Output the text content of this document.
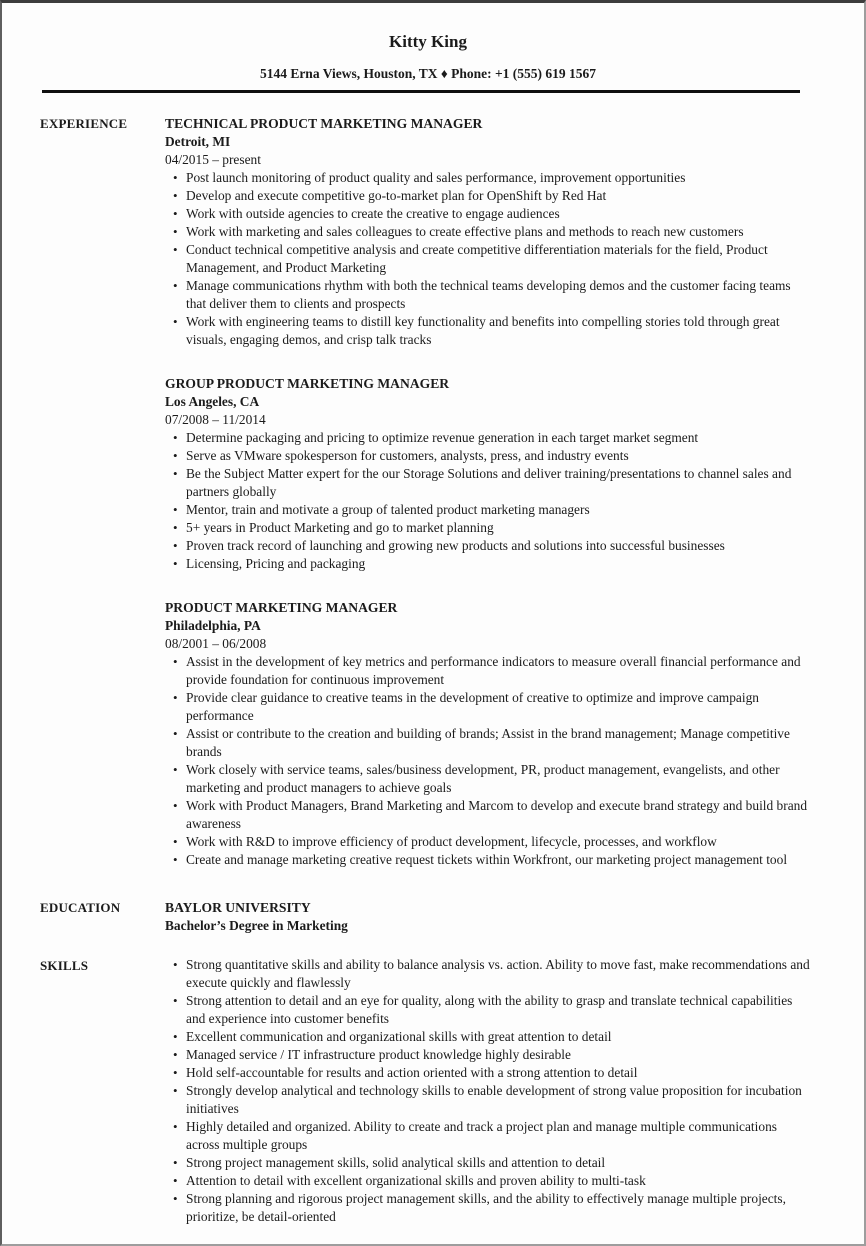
Kitty King
5144 Erna Views, Houston, TX ♦ Phone: +1 (555) 619 1567
EXPERIENCE	TECHNICAL PRODUCT MARKETING MANAGER
Detroit, MI
04/2015 – present
• Post launch monitoring of product quality and sales performance, improvement opportunities
• Develop and execute competitive go-to-market plan for OpenShift by Red Hat
• Work with outside agencies to create the creative to engage audiences
• Work with marketing and sales colleagues to create effective plans and methods to reach new customers
• Conduct technical competitive analysis and create competitive differentiation materials for the field, Product Management, and Product Marketing
• Manage communications rhythm with both the technical teams developing demos and the customer facing teams that deliver them to clients and prospects
• Work with engineering teams to distill key functionality and benefits into compelling stories told through great visuals, engaging demos, and crisp talk tracks
GROUP PRODUCT MARKETING MANAGER
Los Angeles, CA
07/2008 – 11/2014
• Determine packaging and pricing to optimize revenue generation in each target market segment
• Serve as VMware spokesperson for customers, analysts, press, and industry events
• Be the Subject Matter expert for the our Storage Solutions and deliver training/presentations to channel sales and partners globally
• Mentor, train and motivate a group of talented product marketing managers
• 5+ years in Product Marketing and go to market planning
• Proven track record of launching and growing new products and solutions into successful businesses
• Licensing, Pricing and packaging
PRODUCT MARKETING MANAGER
Philadelphia, PA
08/2001 – 06/2008
• Assist in the development of key metrics and performance indicators to measure overall financial performance and provide foundation for continuous improvement
• Provide clear guidance to creative teams in the development of creative to optimize and improve campaign performance
• Assist or contribute to the creation and building of brands; Assist in the brand management; Manage competitive brands
• Work closely with service teams, sales/business development, PR, product management, evangelists, and other marketing and product managers to achieve goals
• Work with Product Managers, Brand Marketing and Marcom to develop and execute brand strategy and build brand awareness
• Work with R&D to improve efficiency of product development, lifecycle, processes, and workflow
• Create and manage marketing creative request tickets within Workfront, our marketing project management tool
EDUCATION	BAYLOR UNIVERSITY
Bachelor’s Degree in Marketing
SKILLS	• Strong quantitative skills and ability to balance analysis vs. action. Ability to move fast, make recommendations and execute quickly and flawlessly
• Strong attention to detail and an eye for quality, along with the ability to grasp and translate technical capabilities and experience into customer benefits
• Excellent communication and organizational skills with great attention to detail
• Managed service / IT infrastructure product knowledge highly desirable
• Hold self-accountable for results and action oriented with a strong attention to detail
• Strongly develop analytical and technology skills to enable development of strong value proposition for incubation initiatives
• Highly detailed and organized. Ability to create and track a project plan and manage multiple communications across multiple groups
• Strong project management skills, solid analytical skills and attention to detail
• Attention to detail with excellent organizational skills and proven ability to multi-task
• Strong planning and rigorous project management skills, and the ability to effectively manage multiple projects, prioritize, be detail-oriented
